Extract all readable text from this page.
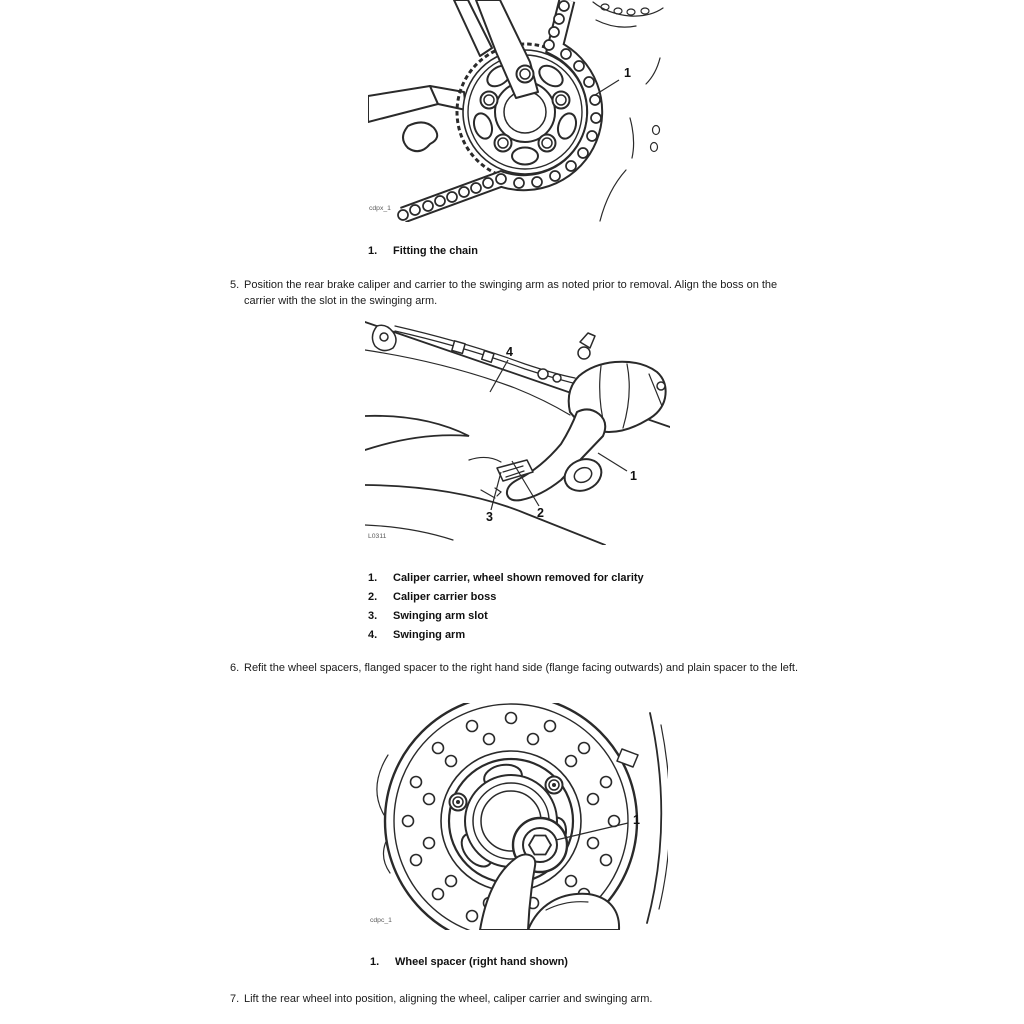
1
cdpx_1
1.	Fitting the chain
5. Position the rear brake caliper and carrier to the swinging arm as noted prior to removal. Align the boss on the carrier with the slot in the swinging arm.
4
1
2
3
L0311
1.	Caliper carrier, wheel shown removed for clarity
2.	Caliper carrier boss
3.	Swinging arm slot
4.	Swinging arm
6. Refit the wheel spacers, flanged spacer to the right hand side (flange facing outwards) and plain spacer to the left.
1
cdpc_1
1.	Wheel spacer (right hand shown)
7. Lift the rear wheel into position, aligning the wheel, caliper carrier and swinging arm.
